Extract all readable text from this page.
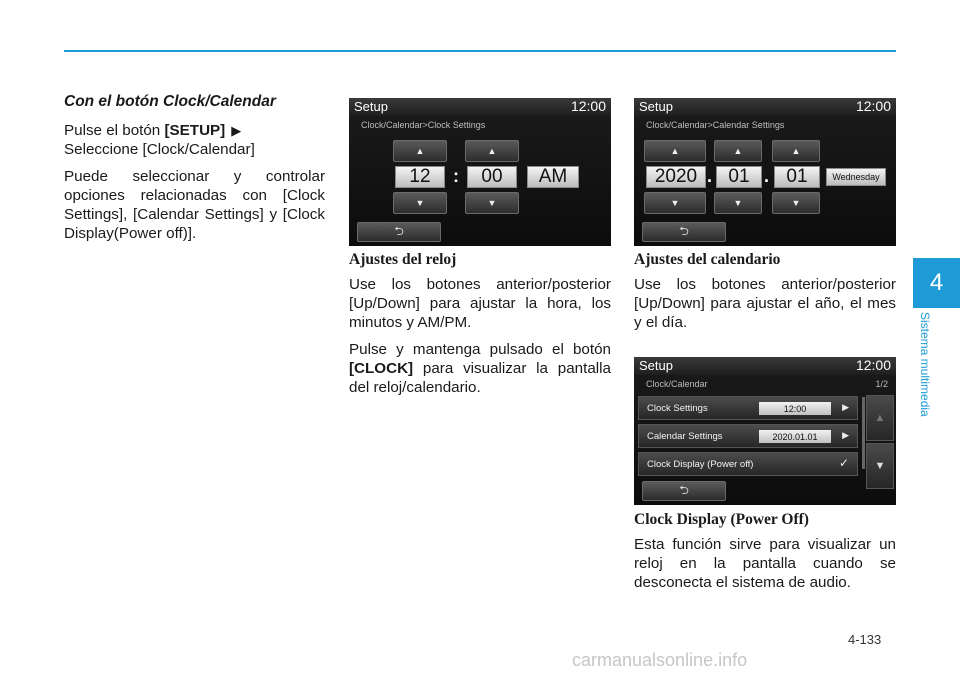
Con el botón Clock/Calendar

Pulse el botón [SETUP] ▶
Seleccione [Clock/Calendar]

Puede seleccionar y controlar opciones relacionadas con [Clock Settings], [Calendar Settings] y [Clock Display(Power off)].

Setup	12:00
Clock/Calendar>Clock Settings
▲	▲
12	:	00	AM
▼	▼
⮌
Ajustes del reloj

Use los botones anterior/posterior [Up/Down] para ajustar la hora, los minutos y AM/PM.

Pulse y mantenga pulsado el botón [CLOCK] para visualizar la pantalla del reloj/calendario.

Setup	12:00
Clock/Calendar>Calendar Settings
▲	▲	▲
2020 . 01 . 01	Wednesday
▼	▼	▼
⮌
Ajustes del calendario

Use los botones anterior/posterior [Up/Down] para ajustar el año, el mes y el día.

Setup	12:00
Clock/Calendar	1/2
Clock Settings	12:00	▶
Calendar Settings	2020.01.01	▶
Clock Display (Power off)	✓
▲
▼
⮌
Clock Display (Power Off)

Esta función sirve para visualizar un reloj en la pantalla cuando se desconecta el sistema de audio.

4
Sistema multimedia
4-133
carmanualsonline.info
